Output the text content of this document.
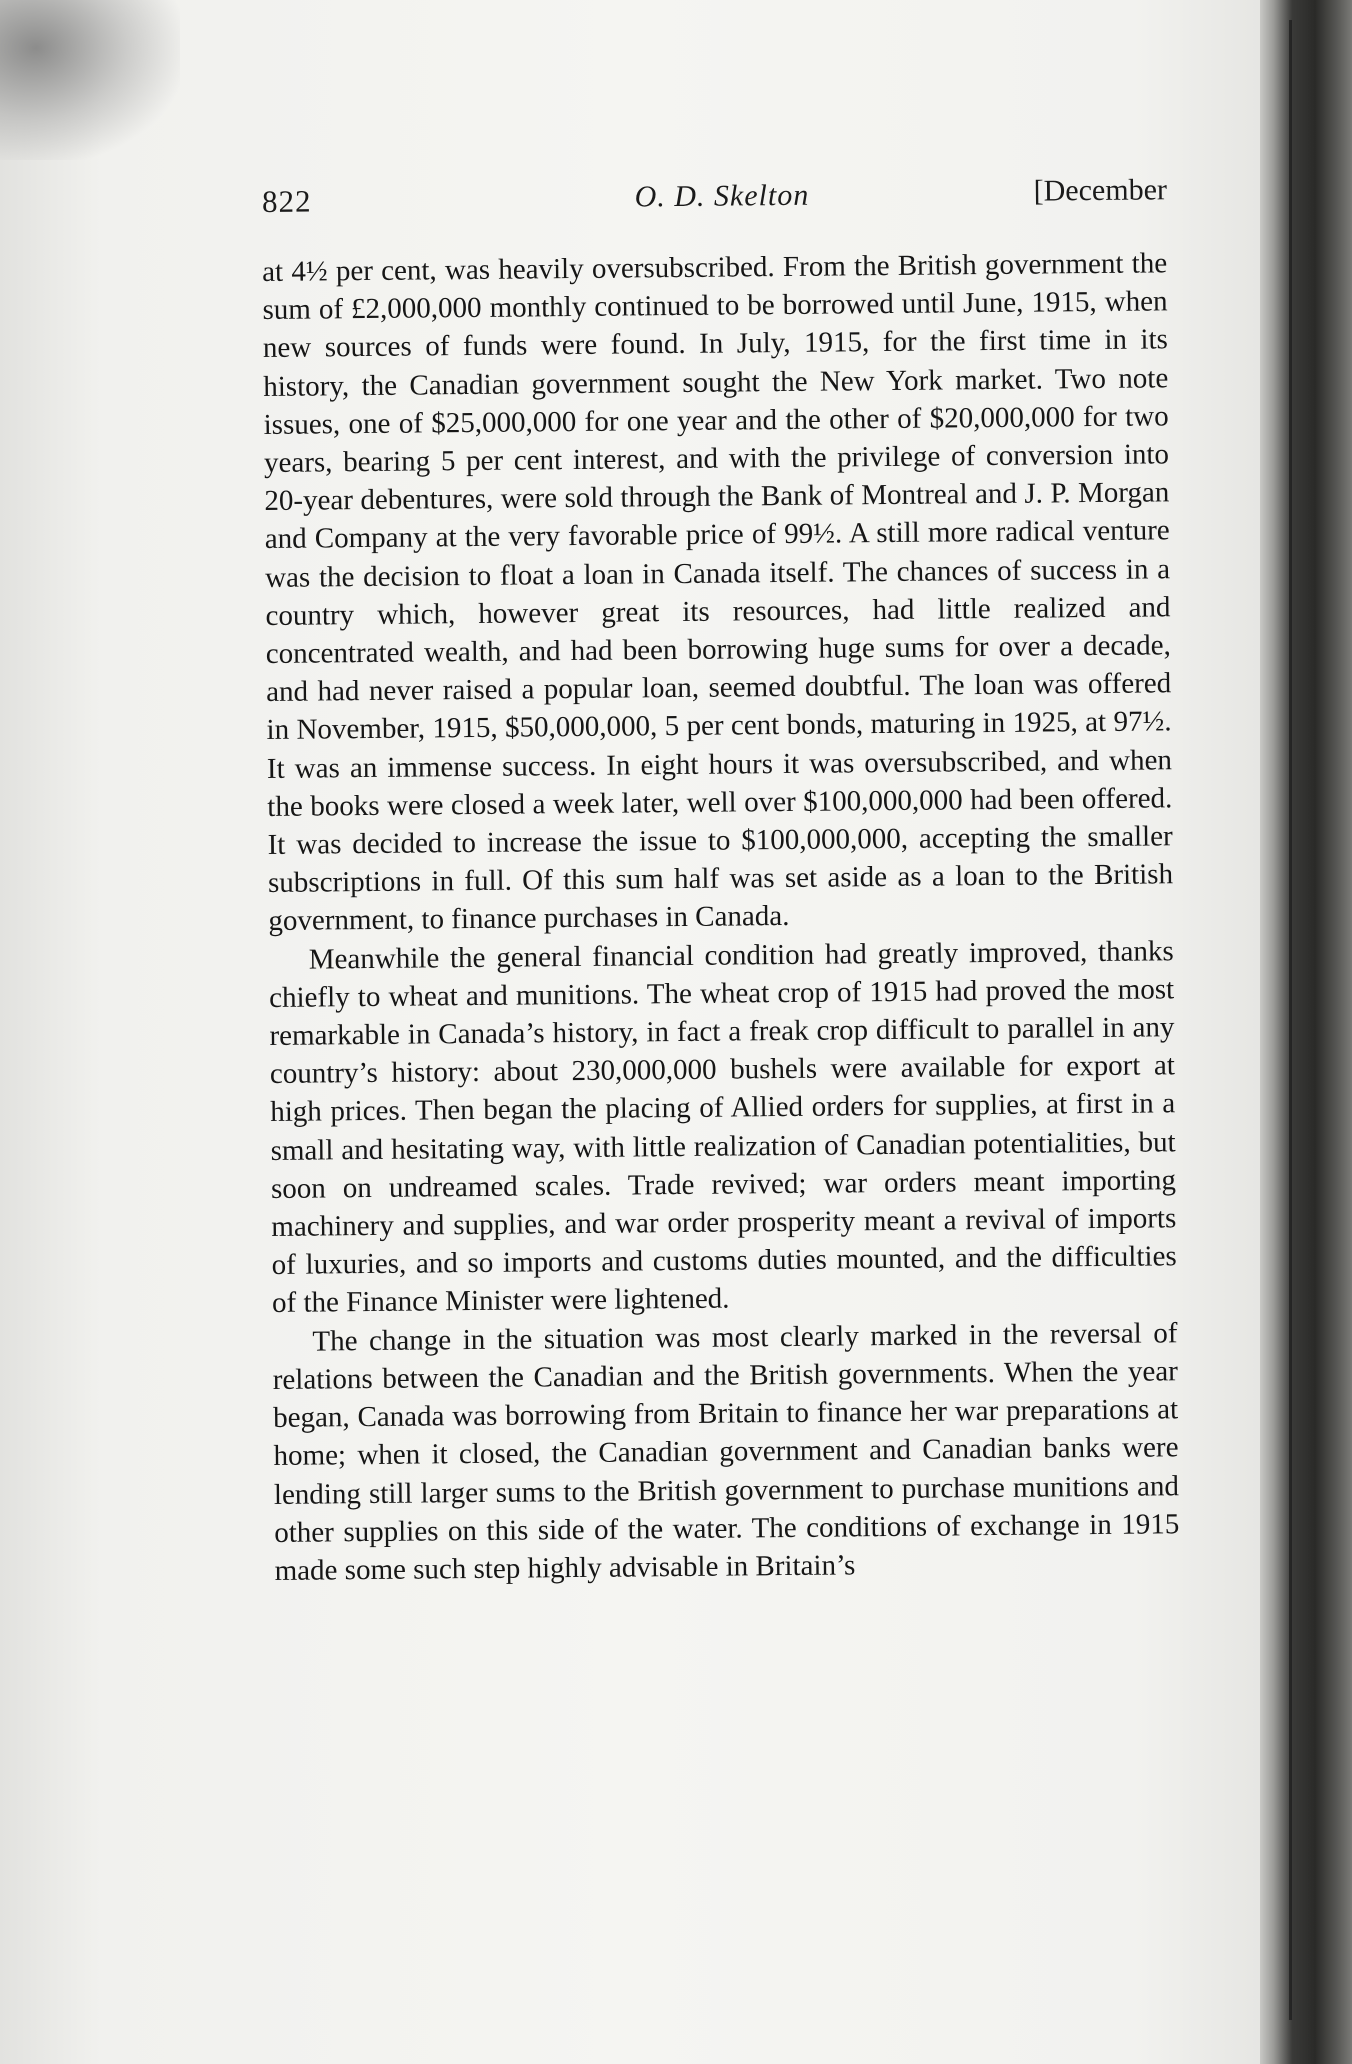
822	O. D. Skelton	[December

at 4½ per cent, was heavily oversubscribed. From the British government the sum of £2,000,000 monthly continued to be borrowed until June, 1915, when new sources of funds were found. In July, 1915, for the first time in its history, the Canadian government sought the New York market. Two note issues, one of $25,000,000 for one year and the other of $20,000,000 for two years, bearing 5 per cent interest, and with the privilege of conversion into 20-year debentures, were sold through the Bank of Montreal and J. P. Morgan and Company at the very favorable price of 99½. A still more radical venture was the decision to float a loan in Canada itself. The chances of success in a country which, however great its resources, had little realized and concentrated wealth, and had been borrowing huge sums for over a decade, and had never raised a popular loan, seemed doubtful. The loan was offered in November, 1915, $50,000,000, 5 per cent bonds, maturing in 1925, at 97½. It was an immense success. In eight hours it was oversubscribed, and when the books were closed a week later, well over $100,000,000 had been offered. It was decided to increase the issue to $100,000,000, accepting the smaller subscriptions in full. Of this sum half was set aside as a loan to the British government, to finance purchases in Canada.

Meanwhile the general financial condition had greatly improved, thanks chiefly to wheat and munitions. The wheat crop of 1915 had proved the most remarkable in Canada’s history, in fact a freak crop difficult to parallel in any country’s history: about 230,000,000 bushels were available for export at high prices. Then began the placing of Allied orders for supplies, at first in a small and hesitating way, with little realization of Canadian potentialities, but soon on undreamed scales. Trade revived; war orders meant importing machinery and supplies, and war order prosperity meant a revival of imports of luxuries, and so imports and customs duties mounted, and the difficulties of the Finance Minister were lightened.

The change in the situation was most clearly marked in the reversal of relations between the Canadian and the British governments. When the year began, Canada was borrowing from Britain to finance her war preparations at home; when it closed, the Canadian government and Canadian banks were lending still larger sums to the British government to purchase munitions and other supplies on this side of the water. The conditions of exchange in 1915 made some such step highly advisable in Britain’s
